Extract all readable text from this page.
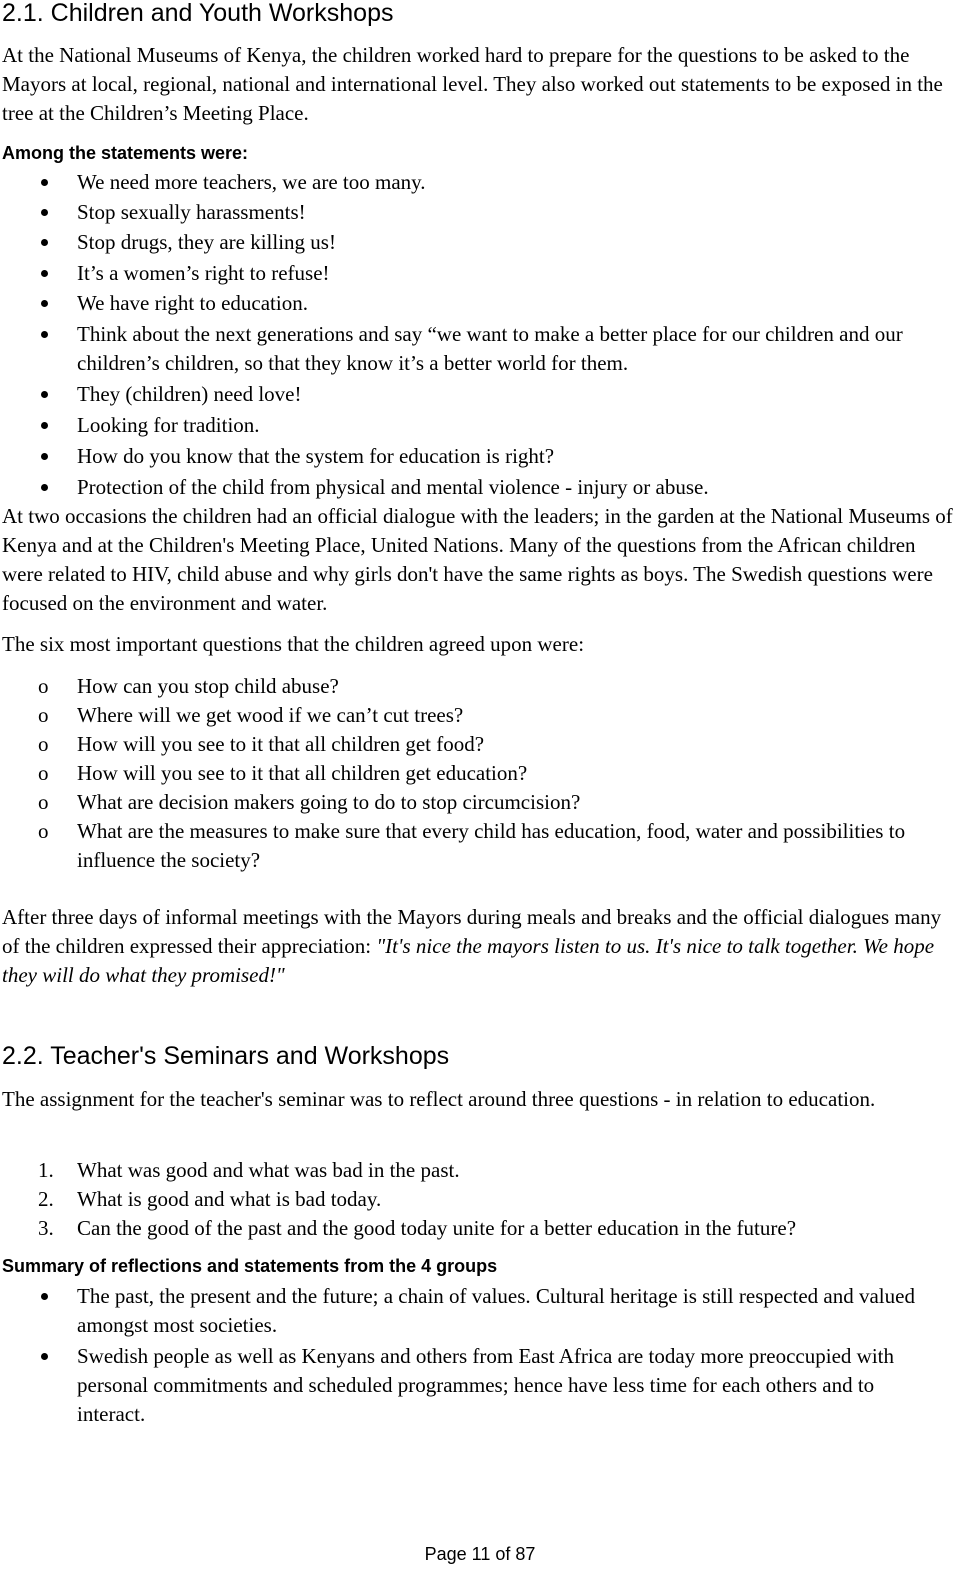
2.1. Children and Youth Workshops

At the National Museums of Kenya, the children worked hard to prepare for the questions to be asked to the Mayors at local, regional, national and international level. They also worked out statements to be exposed in the tree at the Children’s Meeting Place.

Among the statements were:

We need more teachers, we are too many.
Stop sexually harassments!
Stop drugs, they are killing us!
It’s a women’s right to refuse!
We have right to education.
Think about the next generations and say “we want to make a better place for our children and our children’s children, so that they know it’s a better world for them.
They (children) need love!
Looking for tradition.
How do you know that the system for education is right?
Protection of the child from physical and mental violence - injury or abuse.

At two occasions the children had an official dialogue with the leaders; in the garden at the National Museums of Kenya and at the Children's Meeting Place, United Nations. Many of the questions from the African children were related to HIV, child abuse and why girls don't have the same rights as boys. The Swedish questions were focused on the environment and water.

The six most important questions that the children agreed upon were:

o How can you stop child abuse?
o Where will we get wood if we can’t cut trees?
o How will you see to it that all children get food?
o How will you see to it that all children get education?
o What are decision makers going to do to stop circumcision?
o What are the measures to make sure that every child has education, food, water and possibilities to influence the society?

After three days of informal meetings with the Mayors during meals and breaks and the official dialogues many of the children expressed their appreciation: "It's nice the mayors listen to us. It's nice to talk together. We hope they will do what they promised!"

2.2. Teacher's Seminars and Workshops

The assignment for the teacher's seminar was to reflect around three questions - in relation to education.

1. What was good and what was bad in the past.
2. What is good and what is bad today.
3. Can the good of the past and the good today unite for a better education in the future?

Summary of reflections and statements from the 4 groups

The past, the present and the future; a chain of values. Cultural heritage is still respected and valued amongst most societies.
Swedish people as well as Kenyans and others from East Africa are today more preoccupied with personal commitments and scheduled programmes; hence have less time for each others and to interact.
Page 11 of 87
